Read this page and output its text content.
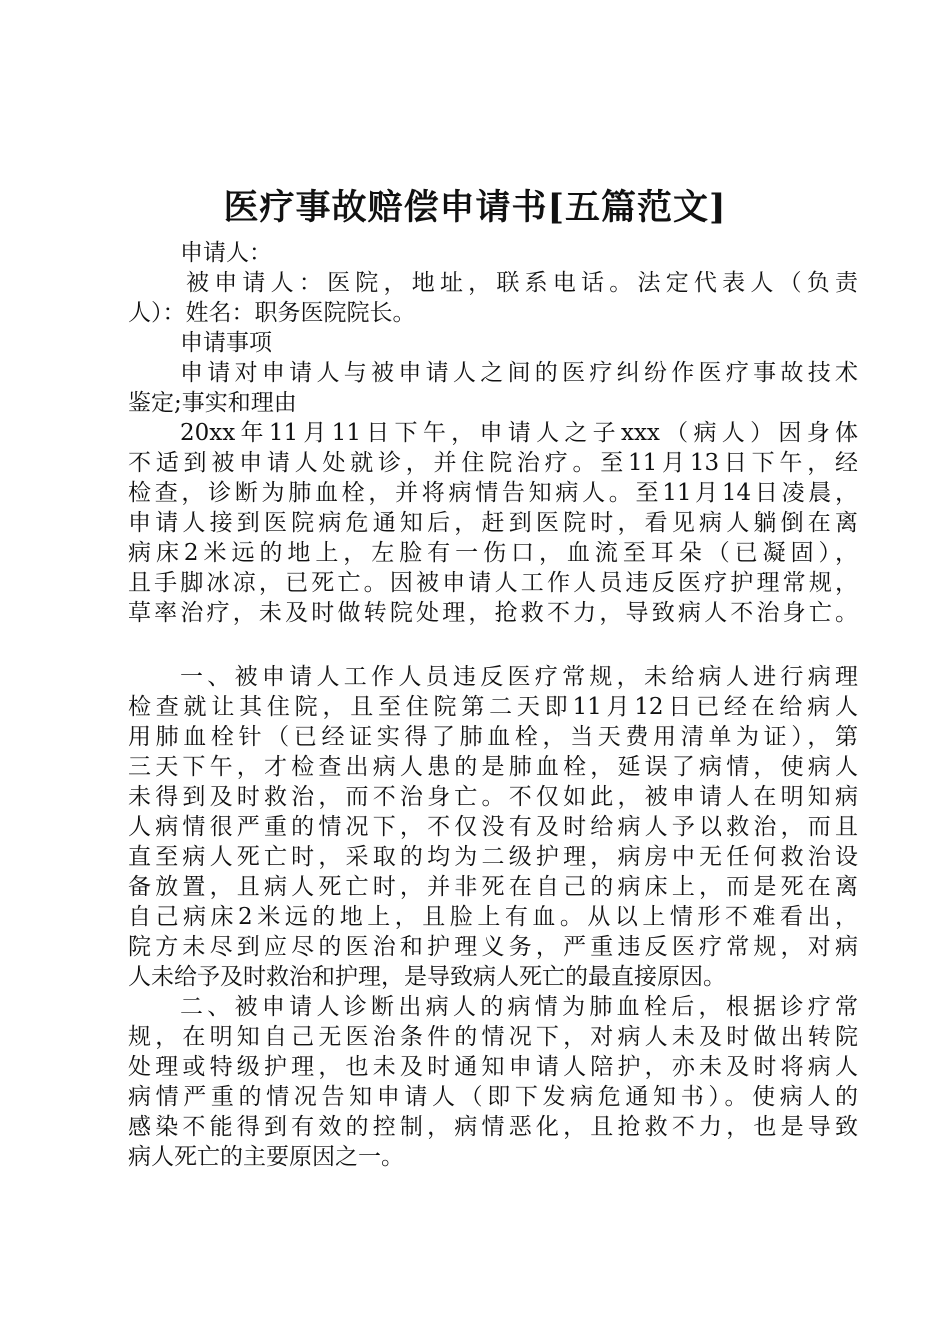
医疗事故赔偿申请书[五篇范文]
申请人：
被申请人：医院，地址，联系电话。法定代表人（负责
人）：姓名：职务医院院长。
申请事项
申请对申请人与被申请人之间的医疗纠纷作医疗事故技术
鉴定;事实和理由
20xx年11月11日下午，申请人之子xxx（病人）因身体
不适到被申请人处就诊，并住院治疗。至11月13日下午，经
检查，诊断为肺血栓，并将病情告知病人。至11月14日凌晨，
申请人接到医院病危通知后，赶到医院时，看见病人躺倒在离
病床2米远的地上，左脸有一伤口，血流至耳朵（已凝固），
且手脚冰凉，已死亡。因被申请人工作人员违反医疗护理常规，
草率治疗，未及时做转院处理，抢救不力，导致病人不治身亡。
一、被申请人工作人员违反医疗常规，未给病人进行病理
检查就让其住院，且至住院第二天即11月12日已经在给病人
用肺血栓针（已经证实得了肺血栓，当天费用清单为证），第
三天下午，才检查出病人患的是肺血栓，延误了病情，使病人
未得到及时救治，而不治身亡。不仅如此，被申请人在明知病
人病情很严重的情况下，不仅没有及时给病人予以救治，而且
直至病人死亡时，采取的均为二级护理，病房中无任何救治设
备放置，且病人死亡时，并非死在自己的病床上，而是死在离
自己病床2米远的地上，且脸上有血。从以上情形不难看出，
院方未尽到应尽的医治和护理义务，严重违反医疗常规，对病
人未给予及时救治和护理，是导致病人死亡的最直接原因。
二、被申请人诊断出病人的病情为肺血栓后，根据诊疗常
规，在明知自己无医治条件的情况下，对病人未及时做出转院
处理或特级护理，也未及时通知申请人陪护，亦未及时将病人
病情严重的情况告知申请人（即下发病危通知书）。使病人的
感染不能得到有效的控制，病情恶化，且抢救不力，也是导致
病人死亡的主要原因之一。
